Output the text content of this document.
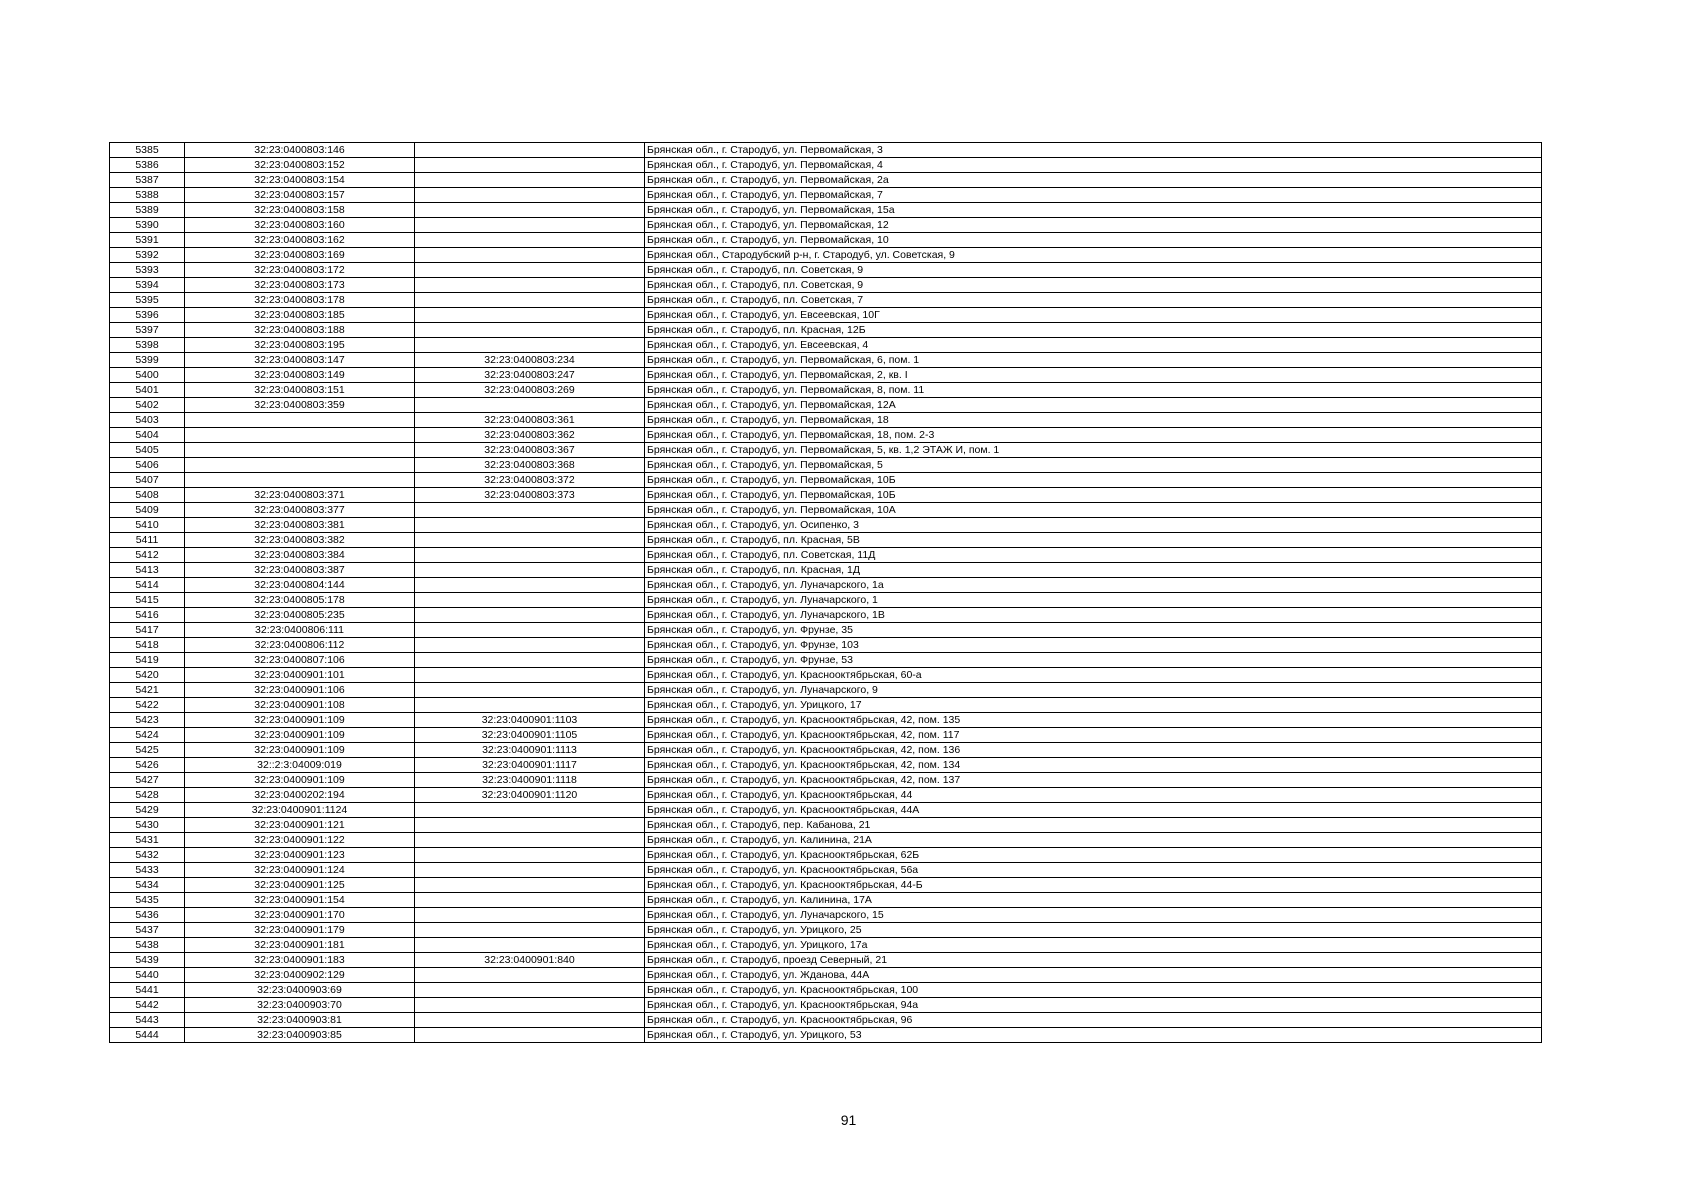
5385	32:23:0400803:146		Брянская обл., г. Стародуб, ул. Первомайская, 3
5386	32:23:0400803:152		Брянская обл., г. Стародуб, ул. Первомайская, 4
5387	32:23:0400803:154		Брянская обл., г. Стародуб, ул. Первомайская, 2а
5388	32:23:0400803:157		Брянская обл., г. Стародуб, ул. Первомайская, 7
5389	32:23:0400803:158		Брянская обл., г. Стародуб, ул. Первомайская, 15а
5390	32:23:0400803:160		Брянская обл., г. Стародуб, ул. Первомайская, 12
5391	32:23:0400803:162		Брянская обл., г. Стародуб, ул. Первомайская, 10
5392	32:23:0400803:169		Брянская обл., Стародубский р-н, г. Стародуб, ул. Советская, 9
5393	32:23:0400803:172		Брянская обл., г. Стародуб, пл. Советская, 9
5394	32:23:0400803:173		Брянская обл., г. Стародуб, пл. Советская, 9
5395	32:23:0400803:178		Брянская обл., г. Стародуб, пл. Советская, 7
5396	32:23:0400803:185		Брянская обл., г. Стародуб, ул. Евсеевская, 10Г
5397	32:23:0400803:188		Брянская обл., г. Стародуб, пл. Красная, 12Б
5398	32:23:0400803:195		Брянская обл., г. Стародуб, ул. Евсеевская, 4
5399	32:23:0400803:147	32:23:0400803:234	Брянская обл., г. Стародуб, ул. Первомайская, 6, пом. 1
5400	32:23:0400803:149	32:23:0400803:247	Брянская обл., г. Стародуб, ул. Первомайская, 2, кв. I
5401	32:23:0400803:151	32:23:0400803:269	Брянская обл., г. Стародуб, ул. Первомайская, 8, пом. 11
5402	32:23:0400803:359		Брянская обл., г. Стародуб, ул. Первомайская, 12А
5403		32:23:0400803:361	Брянская обл., г. Стародуб, ул. Первомайская, 18
5404		32:23:0400803:362	Брянская обл., г. Стародуб, ул. Первомайская, 18, пом. 2-3
5405		32:23:0400803:367	Брянская обл., г. Стародуб, ул. Первомайская, 5, кв. 1,2 ЭТАЖ И, пом. 1
5406		32:23:0400803:368	Брянская обл., г. Стародуб, ул. Первомайская, 5
5407		32:23:0400803:372	Брянская обл., г. Стародуб, ул. Первомайская, 10Б
5408	32:23:0400803:371	32:23:0400803:373	Брянская обл., г. Стародуб, ул. Первомайская, 10Б
5409	32:23:0400803:377		Брянская обл., г. Стародуб, ул. Первомайская, 10А
5410	32:23:0400803:381		Брянская обл., г. Стародуб, ул. Осипенко, 3
5411	32:23:0400803:382		Брянская обл., г. Стародуб, пл. Красная, 5В
5412	32:23:0400803:384		Брянская обл., г. Стародуб, пл. Советская, 11Д
5413	32:23:0400803:387		Брянская обл., г. Стародуб, пл. Красная, 1Д
5414	32:23:0400804:144		Брянская обл., г. Стародуб, ул. Луначарского, 1а
5415	32:23:0400805:178		Брянская обл., г. Стародуб, ул. Луначарского, 1
5416	32:23:0400805:235		Брянская обл., г. Стародуб, ул. Луначарского, 1В
5417	32:23:0400806:111		Брянская обл., г. Стародуб, ул. Фрунзе, 35
5418	32:23:0400806:112		Брянская обл., г. Стародуб, ул. Фрунзе, 103
5419	32:23:0400807:106		Брянская обл., г. Стародуб, ул. Фрунзе, 53
5420	32:23:0400901:101		Брянская обл., г. Стародуб, ул. Краснооктябрьская, 60-а
5421	32:23:0400901:106		Брянская обл., г. Стародуб, ул. Луначарского, 9
5422	32:23:0400901:108		Брянская обл., г. Стародуб, ул. Урицкого, 17
5423	32:23:0400901:109	32:23:0400901:1103	Брянская обл., г. Стародуб, ул. Краснооктябрьская, 42, пом. 135
5424	32:23:0400901:109	32:23:0400901:1105	Брянская обл., г. Стародуб, ул. Краснооктябрьская, 42, пом. 117
5425	32:23:0400901:109	32:23:0400901:1113	Брянская обл., г. Стародуб, ул. Краснооктябрьская, 42, пом. 136
5426	32::2:3:04009:019	32:23:0400901:1117	Брянская обл., г. Стародуб, ул. Краснооктябрьская, 42, пом. 134
5427	32:23:0400901:109	32:23:0400901:1118	Брянская обл., г. Стародуб, ул. Краснооктябрьская, 42, пом. 137
5428	32:23:0400202:194	32:23:0400901:1120	Брянская обл., г. Стародуб, ул. Краснооктябрьская, 44
5429	32:23:0400901:1124		Брянская обл., г. Стародуб, ул. Краснооктябрьская, 44А
5430	32:23:0400901:121		Брянская обл., г. Стародуб, пер. Кабанова, 21
5431	32:23:0400901:122		Брянская обл., г. Стародуб, ул. Калинина, 21А
5432	32:23:0400901:123		Брянская обл., г. Стародуб, ул. Краснооктябрьская, 62Б
5433	32:23:0400901:124		Брянская обл., г. Стародуб, ул. Краснооктябрьская, 56а
5434	32:23:0400901:125		Брянская обл., г. Стародуб, ул. Краснооктябрьская, 44-Б
5435	32:23:0400901:154		Брянская обл., г. Стародуб, ул. Калинина, 17А
5436	32:23:0400901:170		Брянская обл., г. Стародуб, ул. Луначарского, 15
5437	32:23:0400901:179		Брянская обл., г. Стародуб, ул. Урицкого, 25
5438	32:23:0400901:181		Брянская обл., г. Стародуб, ул. Урицкого, 17а
5439	32:23:0400901:183	32:23:0400901:840	Брянская обл., г. Стародуб, проезд Северный, 21
5440	32:23:0400902:129		Брянская обл., г. Стародуб, ул. Жданова, 44А
5441	32:23:0400903:69		Брянская обл., г. Стародуб, ул. Краснооктябрьская, 100
5442	32:23:0400903:70		Брянская обл., г. Стародуб, ул. Краснооктябрьская, 94а
5443	32:23:0400903:81		Брянская обл., г. Стародуб, ул. Краснооктябрьская, 96
5444	32:23:0400903:85		Брянская обл., г. Стародуб, ул. Урицкого, 53
91
